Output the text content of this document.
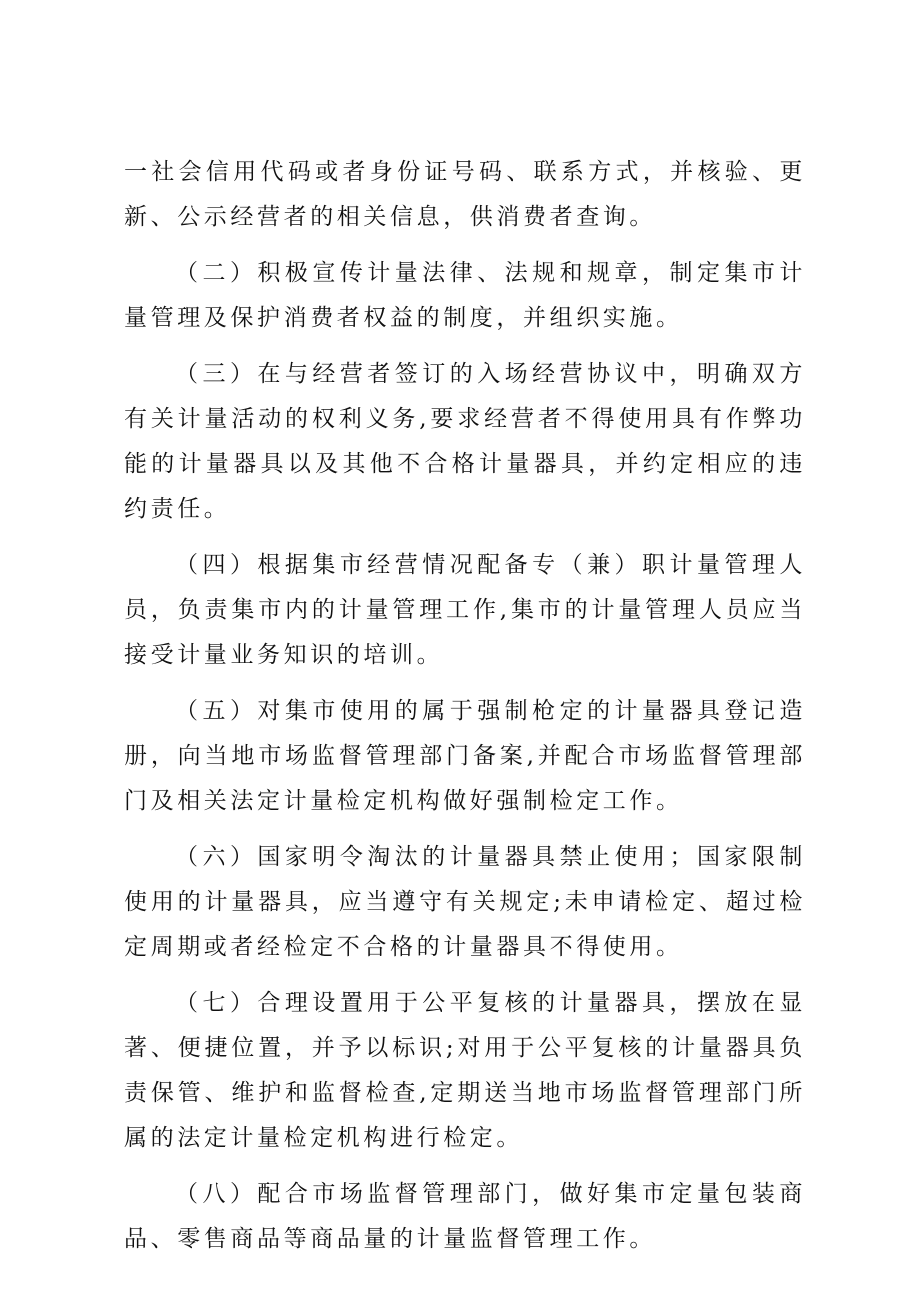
一社会信用代码或者身份证号码、联系方式，并核验、更新、公示经营者的相关信息，供消费者查询。

（二）积极宣传计量法律、法规和规章，制定集市计量管理及保护消费者权益的制度，并组织实施。

（三）在与经营者签订的入场经营协议中，明确双方有关计量活动的权利义务,要求经营者不得使用具有作弊功能的计量器具以及其他不合格计量器具，并约定相应的违约责任。

（四）根据集市经营情况配备专（兼）职计量管理人员，负责集市内的计量管理工作,集市的计量管理人员应当接受计量业务知识的培训。

（五）对集市使用的属于强制枪定的计量器具登记造册，向当地市场监督管理部门备案,并配合市场监督管理部门及相关法定计量检定机构做好强制检定工作。

（六）国家明令淘汰的计量器具禁止使用；国家限制使用的计量器具，应当遵守有关规定;未申请检定、超过检定周期或者经检定不合格的计量器具不得使用。

（七）合理设置用于公平复核的计量器具，摆放在显著、便捷位置，并予以标识;对用于公平复核的计量器具负责保管、维护和监督检查,定期送当地市场监督管理部门所属的法定计量检定机构进行检定。

（八）配合市场监督管理部门，做好集市定量包装商品、零售商品等商品量的计量监督管理工作。
